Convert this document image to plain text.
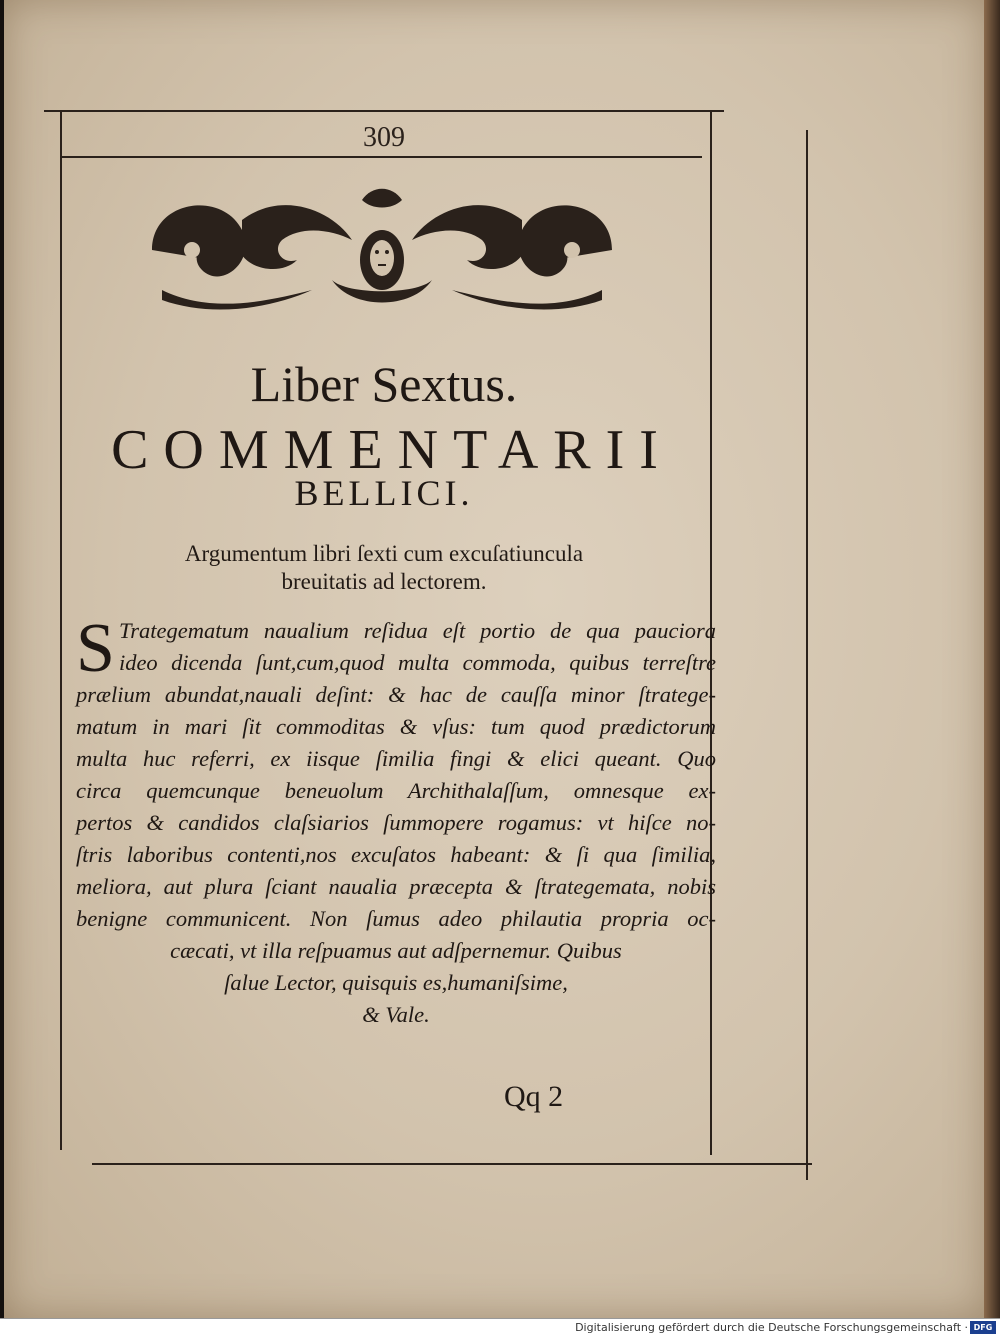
309
Liber Sextus.
COMMENTARII
BELLICI.
Argumentum libri ſexti cum excuſatiuncula
breuitatis ad lectorem.
S Trategematum naualium reſidua eſt portio de qua pauciora
ideo dicenda ſunt,cum,quod multa commoda, quibus terreſtre
prælium abundat,nauali deſint: & hac de cauſſa minor ſtratege-
matum in mari ſit commoditas & vſus: tum quod prædictorum
multa huc referri, ex iisque ſimilia fingi & elici queant. Quo
circa quemcunque beneuolum Archithalaſſum, omnesque ex-
pertos & candidos claſsiarios ſummopere rogamus: vt hiſce no-
ſtris laboribus contenti,nos excuſatos habeant: & ſi qua ſimilia,
meliora, aut plura ſciant naualia præcepta & ſtrategemata, nobis
benigne communicent. Non ſumus adeo philautia propria oc-
cæcati, vt illa reſpuamus aut adſpernemur. Quibus
ſalue Lector, quisquis es,humaniſsime,
& Vale.
Qq 2
Digitalisierung gefördert durch die Deutsche Forschungsgemeinschaft · DFG
